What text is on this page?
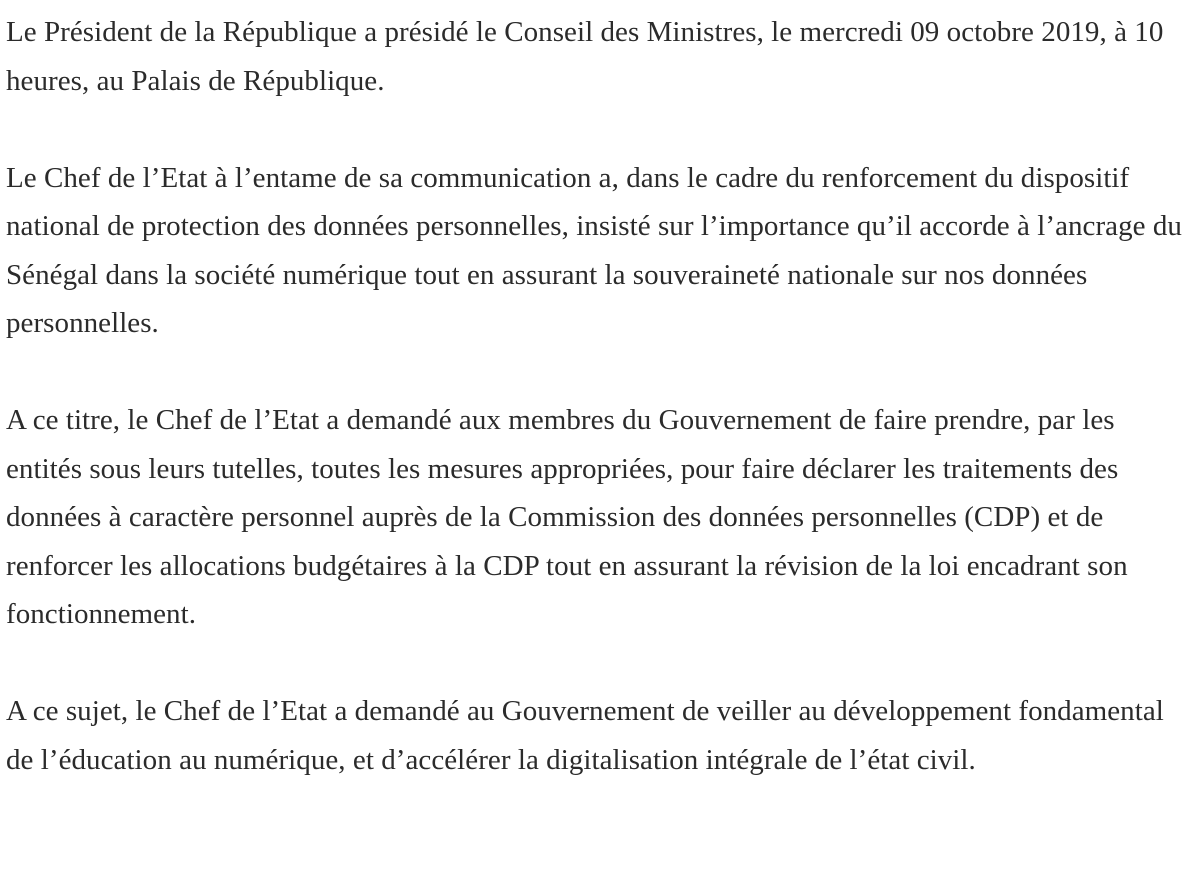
Le Président de la République a présidé le Conseil des Ministres, le mercredi 09 octobre 2019, à 10 heures, au Palais de République.

Le Chef de l’Etat à l’entame de sa communication a, dans le cadre du renforcement du dispositif national de protection des données personnelles, insisté sur l’importance qu’il accorde à l’ancrage du Sénégal dans la société numérique tout en assurant la souveraineté nationale sur nos données personnelles.

A ce titre, le Chef de l’Etat a demandé aux membres du Gouvernement de faire prendre, par les entités sous leurs tutelles, toutes les mesures appropriées, pour faire déclarer les traitements des données à caractère personnel auprès de la Commission des données personnelles (CDP) et de renforcer les allocations budgétaires à la CDP tout en assurant la révision de la loi encadrant son fonctionnement.

A ce sujet, le Chef de l’Etat a demandé au Gouvernement de veiller au développement fondamental de l’éducation au numérique, et d’accélérer la digitalisation intégrale de l’état civil.
